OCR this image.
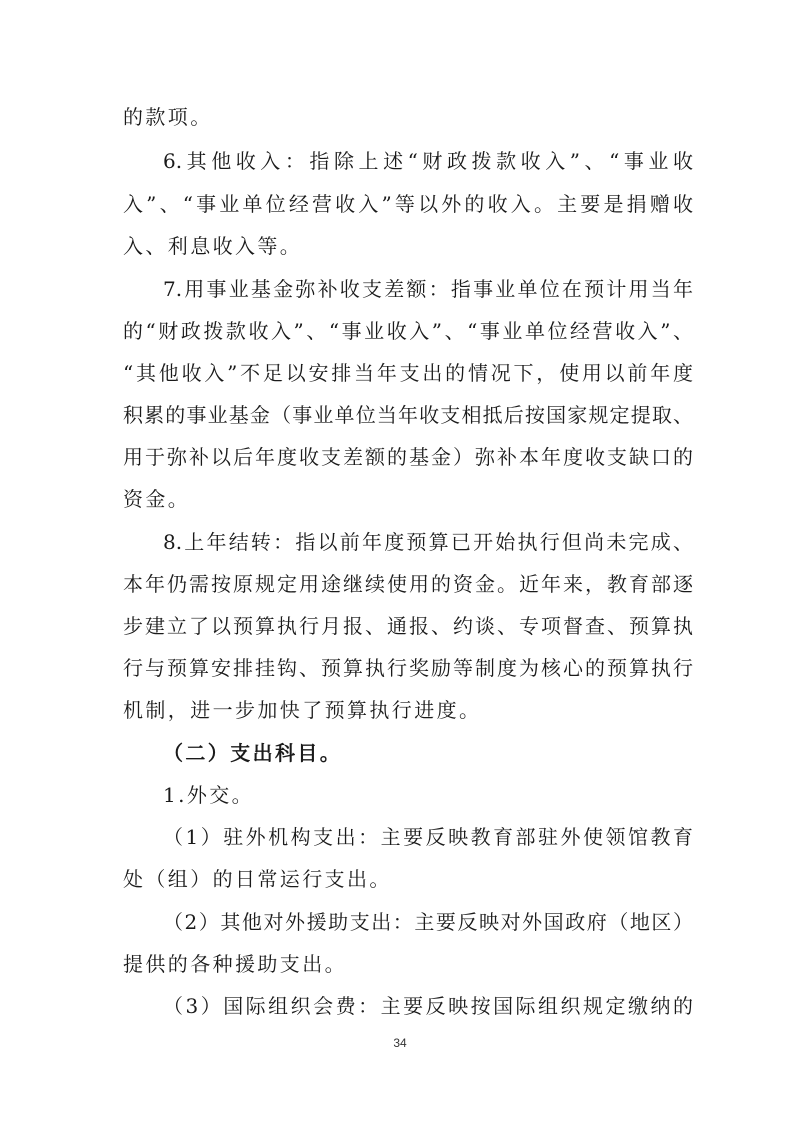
的款项。
6.其他收入：指除上述“财政拨款收入”、“事业收
入”、“事业单位经营收入”等以外的收入。主要是捐赠收
入、利息收入等。
7.用事业基金弥补收支差额：指事业单位在预计用当年
的“财政拨款收入”、“事业收入”、“事业单位经营收入”、
“其他收入”不足以安排当年支出的情况下，使用以前年度
积累的事业基金（事业单位当年收支相抵后按国家规定提取、
用于弥补以后年度收支差额的基金）弥补本年度收支缺口的
资金。
8.上年结转：指以前年度预算已开始执行但尚未完成、
本年仍需按原规定用途继续使用的资金。近年来，教育部逐
步建立了以预算执行月报、通报、约谈、专项督查、预算执
行与预算安排挂钩、预算执行奖励等制度为核心的预算执行
机制，进一步加快了预算执行进度。
（二）支出科目。
1.外交。
（1）驻外机构支出：主要反映教育部驻外使领馆教育
处（组）的日常运行支出。
（2）其他对外援助支出：主要反映对外国政府（地区）
提供的各种援助支出。
（3）国际组织会费：主要反映按国际组织规定缴纳的
34
